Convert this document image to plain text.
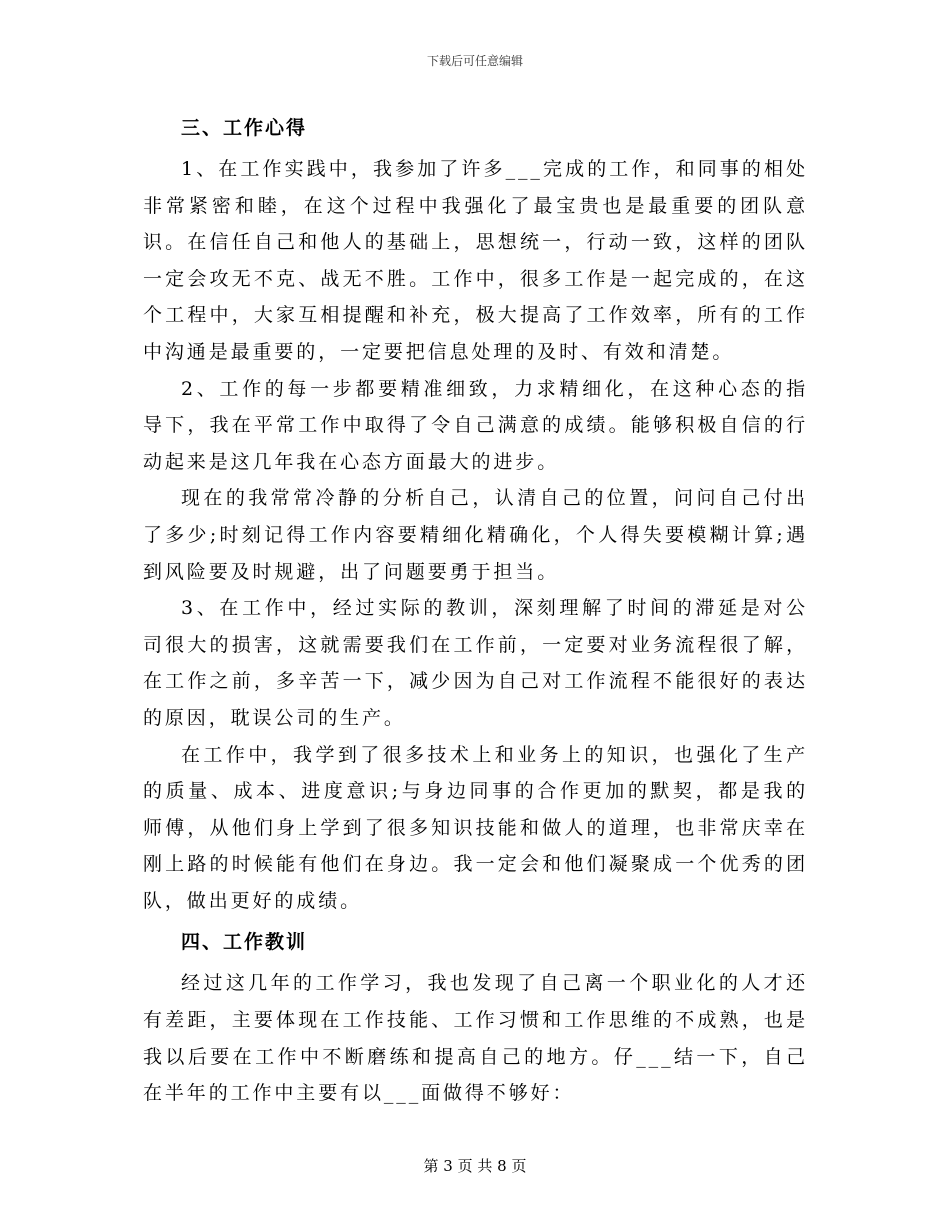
下载后可任意编辑

三、工作心得

1、在工作实践中，我参加了许多___完成的工作，和同事的相处非常紧密和睦，在这个过程中我强化了最宝贵也是最重要的团队意识。在信任自己和他人的基础上，思想统一，行动一致，这样的团队一定会攻无不克、战无不胜。工作中，很多工作是一起完成的，在这个工程中，大家互相提醒和补充，极大提高了工作效率，所有的工作中沟通是最重要的，一定要把信息处理的及时、有效和清楚。

2、工作的每一步都要精准细致，力求精细化，在这种心态的指导下，我在平常工作中取得了令自己满意的成绩。能够积极自信的行动起来是这几年我在心态方面最大的进步。

现在的我常常冷静的分析自己，认清自己的位置，问问自己付出了多少;时刻记得工作内容要精细化精确化，个人得失要模糊计算;遇到风险要及时规避，出了问题要勇于担当。

3、在工作中，经过实际的教训，深刻理解了时间的滞延是对公司很大的损害，这就需要我们在工作前，一定要对业务流程很了解，在工作之前，多辛苦一下，减少因为自己对工作流程不能很好的表达的原因，耽误公司的生产。

在工作中，我学到了很多技术上和业务上的知识，也强化了生产的质量、成本、进度意识;与身边同事的合作更加的默契，都是我的师傅，从他们身上学到了很多知识技能和做人的道理，也非常庆幸在刚上路的时候能有他们在身边。我一定会和他们凝聚成一个优秀的团队，做出更好的成绩。

四、工作教训

经过这几年的工作学习，我也发现了自己离一个职业化的人才还有差距，主要体现在工作技能、工作习惯和工作思维的不成熟，也是我以后要在工作中不断磨练和提高自己的地方。仔___结一下，自己在半年的工作中主要有以___面做得不够好：

第 3 页 共 8 页
